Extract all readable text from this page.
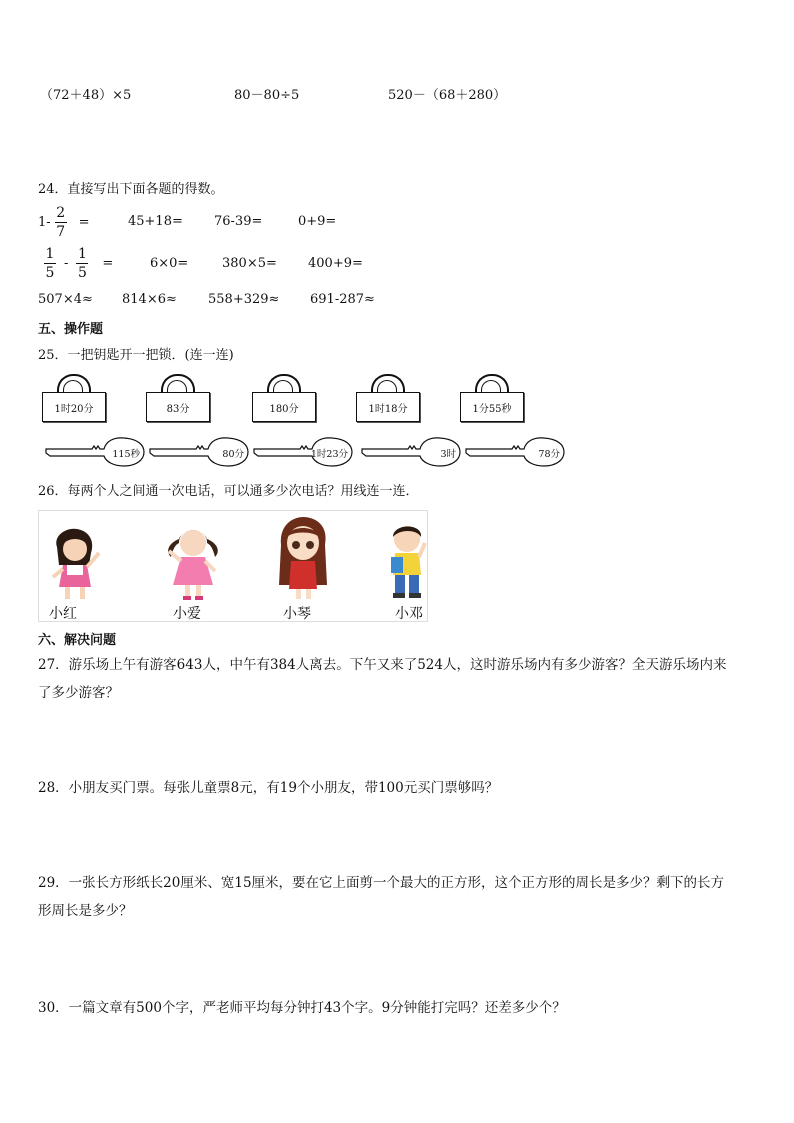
（72＋48）×5	80－80÷5	520－（68＋280）
24．直接写出下面各题的得数。
$1- \frac{2}{7}$ =	45+18= 76-39=	0+9=
$\frac{1}{5} - \frac{1}{5}$ =	6×0=	380×5= 400+9=
507×4≈ 814×6≈ 558+329≈ 691-287≈
五、操作题
25．一把钥匙开一把锁．(连一连)
1时20分	83分	180分	1时18分	1分55秒
115秒	80分	1时23分	3时	78分
26．每两个人之间通一次电话，可以通多少次电话？用线连一连．
小红	小爱	小琴	小邓
六、解决问题
27．游乐场上午有游客643人，中午有384人离去。下午又来了524人，这时游乐场内有多少游客？全天游乐场内来
了多少游客？
28．小朋友买门票。每张儿童票8元，有19个小朋友，带100元买门票够吗？
29．一张长方形纸长20厘米、宽15厘米，要在它上面剪一个最大的正方形，这个正方形的周长是多少？剩下的长方
形周长是多少？
30．一篇文章有500个字，严老师平均每分钟打43个字。9分钟能打完吗？还差多少个？
